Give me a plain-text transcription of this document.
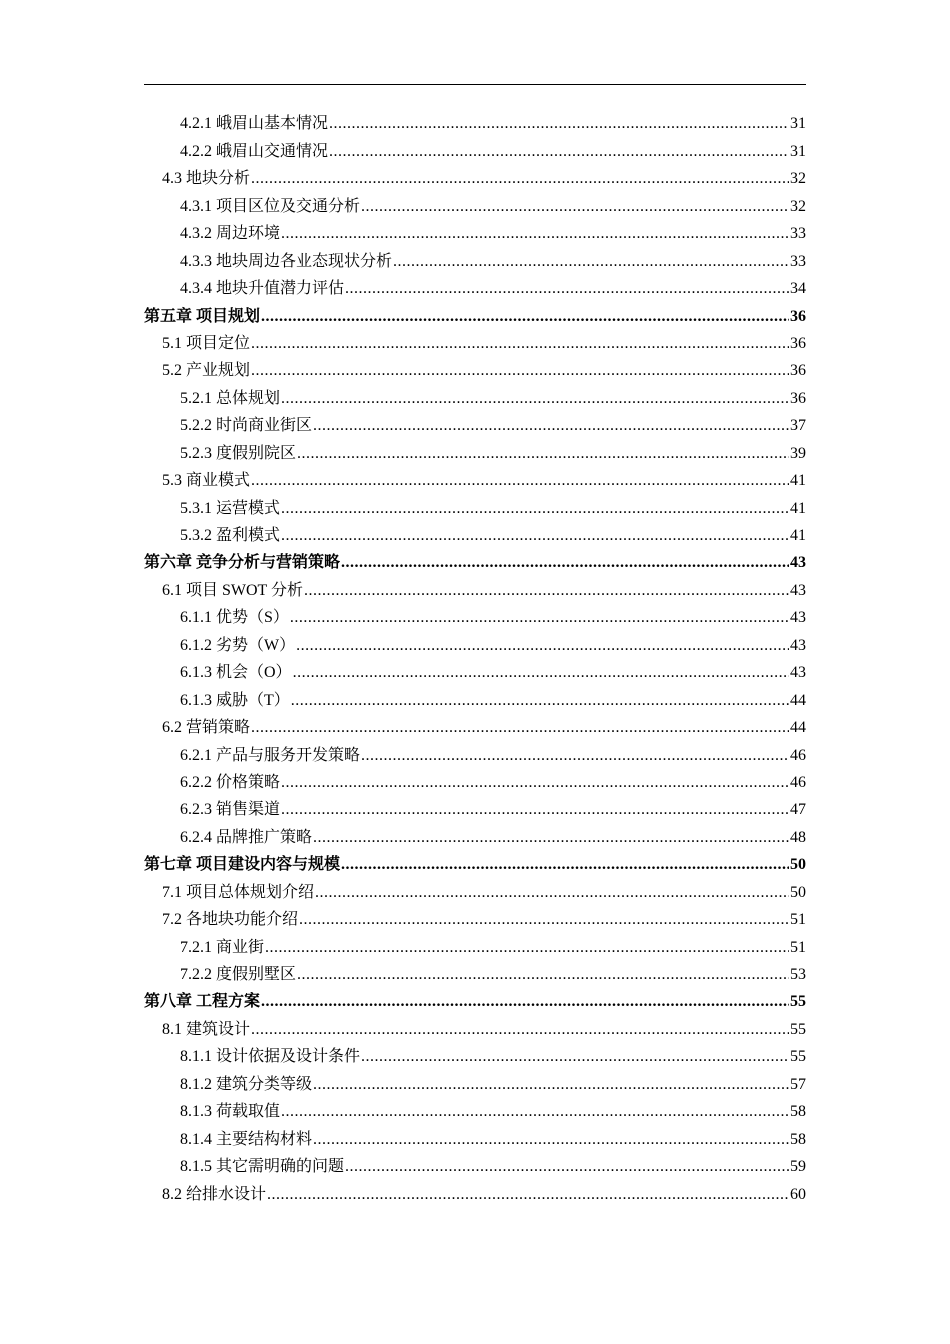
4.2.1 峨眉山基本情况 .....	31
4.2.2 峨眉山交通情况 .....	31
4.3 地块分析 .....	32
4.3.1 项目区位及交通分析 .....	32
4.3.2 周边环境 .....	33
4.3.3 地块周边各业态现状分析 .....	33
4.3.4 地块升值潜力评估 .....	34
第五章 项目规划 .....	36
5.1 项目定位 .....	36
5.2 产业规划 .....	36
5.2.1 总体规划 .....	36
5.2.2 时尚商业街区 .....	37
5.2.3 度假别院区 .....	39
5.3 商业模式 .....	41
5.3.1 运营模式 .....	41
5.3.2 盈利模式 .....	41
第六章 竞争分析与营销策略 .....	43
6.1 项目 SWOT 分析 .....	43
6.1.1 优势（S） .....	43
6.1.2 劣势（W） .....	43
6.1.3 机会（O） .....	43
6.1.3 威胁（T） .....	44
6.2 营销策略 .....	44
6.2.1 产品与服务开发策略 .....	46
6.2.2 价格策略 .....	46
6.2.3 销售渠道 .....	47
6.2.4 品牌推广策略 .....	48
第七章 项目建设内容与规模 .....	50
7.1 项目总体规划介绍 .....	50
7.2 各地块功能介绍 .....	51
7.2.1 商业街 .....	51
7.2.2 度假别墅区 .....	53
第八章 工程方案 .....	55
8.1 建筑设计 .....	55
8.1.1 设计依据及设计条件 .....	55
8.1.2 建筑分类等级 .....	57
8.1.3 荷载取值 .....	58
8.1.4 主要结构材料 .....	58
8.1.5 其它需明确的问题 .....	59
8.2 给排水设计 .....	60
